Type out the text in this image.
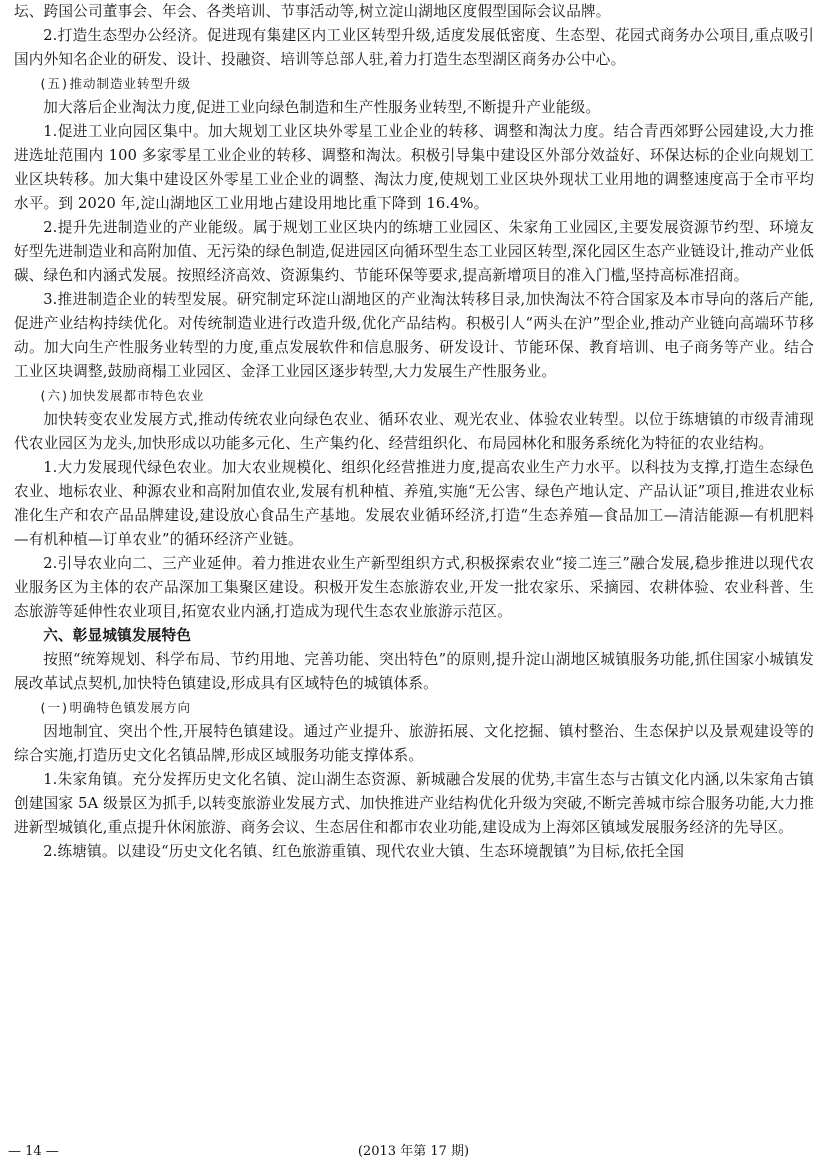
坛、跨国公司董事会、年会、各类培训、节事活动等,树立淀山湖地区度假型国际会议品牌。

2.打造生态型办公经济。促进现有集建区内工业区转型升级,适度发展低密度、生态型、花园式商务办公项目,重点吸引国内外知名企业的研发、设计、投融资、培训等总部人驻,着力打造生态型湖区商务办公中心。

(五)推动制造业转型升级

加大落后企业淘汰力度,促进工业向绿色制造和生产性服务业转型,不断提升产业能级。

1.促进工业向园区集中。加大规划工业区块外零星工业企业的转移、调整和淘汰力度。结合青西郊野公园建设,大力推进选址范围内 100 多家零星工业企业的转移、调整和淘汰。积极引导集中建设区外部分效益好、环保达标的企业向规划工业区块转移。加大集中建设区外零星工业企业的调整、淘汰力度,使规划工业区块外现状工业用地的调整速度高于全市平均水平。到 2020 年,淀山湖地区工业用地占建设用地比重下降到 16.4%。

2.提升先进制造业的产业能级。属于规划工业区块内的练塘工业园区、朱家角工业园区,主要发展资源节约型、环境友好型先进制造业和高附加值、无污染的绿色制造,促进园区向循环型生态工业园区转型,深化园区生态产业链设计,推动产业低碳、绿色和内涵式发展。按照经济高效、资源集约、节能环保等要求,提高新增项目的准入门槛,坚持高标准招商。

3.推进制造企业的转型发展。研究制定环淀山湖地区的产业淘汰转移目录,加快淘汰不符合国家及本市导向的落后产能,促进产业结构持续优化。对传统制造业进行改造升级,优化产品结构。积极引人“两头在沪”型企业,推动产业链向高端环节移动。加大向生产性服务业转型的力度,重点发展软件和信息服务、研发设计、节能环保、教育培训、电子商务等产业。结合工业区块调整,鼓励商榻工业园区、金泽工业园区逐步转型,大力发展生产性服务业。

(六)加快发展都市特色农业

加快转变农业发展方式,推动传统农业向绿色农业、循环农业、观光农业、体验农业转型。以位于练塘镇的市级青浦现代农业园区为龙头,加快形成以功能多元化、生产集约化、经营组织化、布局园林化和服务系统化为特征的农业结构。

1.大力发展现代绿色农业。加大农业规模化、组织化经营推进力度,提高农业生产力水平。以科技为支撑,打造生态绿色农业、地标农业、种源农业和高附加值农业,发展有机种植、养殖,实施“无公害、绿色产地认定、产品认证”项目,推进农业标准化生产和农产品品牌建设,建设放心食品生产基地。发展农业循环经济,打造“生态养殖—食品加工—清洁能源—有机肥料—有机种植—订单农业”的循环经济产业链。

2.引导农业向二、三产业延伸。着力推进农业生产新型组织方式,积极探索农业“接二连三”融合发展,稳步推进以现代农业服务区为主体的农产品深加工集聚区建设。积极开发生态旅游农业,开发一批农家乐、采摘园、农耕体验、农业科普、生态旅游等延伸性农业项目,拓宽农业内涵,打造成为现代生态农业旅游示范区。

六、彰显城镇发展特色

按照“统筹规划、科学布局、节约用地、完善功能、突出特色”的原则,提升淀山湖地区城镇服务功能,抓住国家小城镇发展改革试点契机,加快特色镇建设,形成具有区域特色的城镇体系。

(一)明确特色镇发展方向

因地制宜、突出个性,开展特色镇建设。通过产业提升、旅游拓展、文化挖掘、镇村整治、生态保护以及景观建设等的综合实施,打造历史文化名镇品牌,形成区域服务功能支撑体系。

1.朱家角镇。充分发挥历史文化名镇、淀山湖生态资源、新城融合发展的优势,丰富生态与古镇文化内涵,以朱家角古镇创建国家 5A 级景区为抓手,以转变旅游业发展方式、加快推进产业结构优化升级为突破,不断完善城市综合服务功能,大力推进新型城镇化,重点提升休闲旅游、商务会议、生态居住和都市农业功能,建设成为上海郊区镇域发展服务经济的先导区。

2.练塘镇。以建设“历史文化名镇、红色旅游重镇、现代农业大镇、生态环境靓镇”为目标,依托全国

— 14 —	(2013 年第 17 期)
